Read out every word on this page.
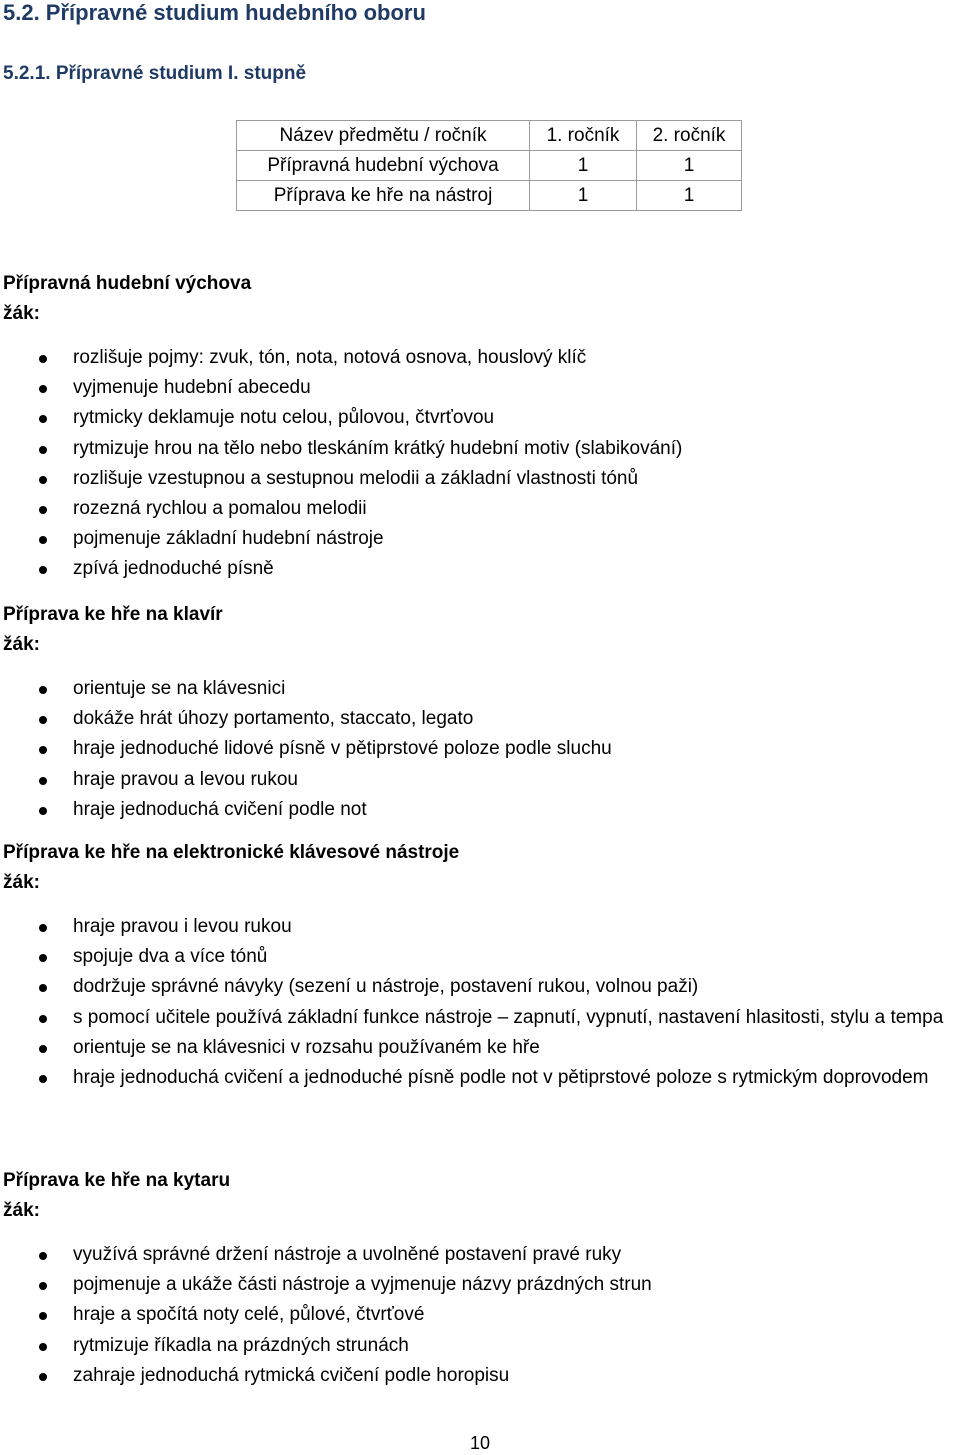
5.2. Přípravné studium hudebního oboru
5.2.1. Přípravné studium I. stupně
Název předmětu / ročník	1. ročník	2. ročník
Přípravná hudební výchova	1	1
Příprava ke hře na nástroj	1	1
Přípravná hudební výchova
žák:
rozlišuje pojmy: zvuk, tón, nota, notová osnova, houslový klíč
vyjmenuje hudební abecedu
rytmicky deklamuje notu celou, půlovou, čtvrťovou
rytmizuje hrou na tělo nebo tleskáním krátký hudební motiv (slabikování)
rozlišuje vzestupnou a sestupnou melodii a základní vlastnosti tónů
rozezná rychlou a pomalou melodii
pojmenuje základní hudební nástroje
zpívá jednoduché písně
Příprava ke hře na klavír
žák:
orientuje se na klávesnici
dokáže hrát úhozy portamento, staccato, legato
hraje jednoduché lidové písně v pětiprstové poloze podle sluchu
hraje pravou a levou rukou
hraje jednoduchá cvičení podle not
Příprava ke hře na elektronické klávesové nástroje
žák:
hraje pravou i levou rukou
spojuje dva a více tónů
dodržuje správné návyky (sezení u nástroje, postavení rukou, volnou paži)
s pomocí učitele používá základní funkce nástroje – zapnutí, vypnutí, nastavení hlasitosti, stylu a tempa
orientuje se na klávesnici v rozsahu používaném ke hře
hraje jednoduchá cvičení a jednoduché písně podle not v pětiprstové poloze s rytmickým doprovodem
Příprava ke hře na kytaru
žák:
využívá správné držení nástroje a uvolněné postavení pravé ruky
pojmenuje a ukáže části nástroje a vyjmenuje názvy prázdných strun
hraje a spočítá noty celé, půlové, čtvrťové
rytmizuje říkadla na prázdných strunách
zahraje jednoduchá rytmická cvičení podle horopisu
10
